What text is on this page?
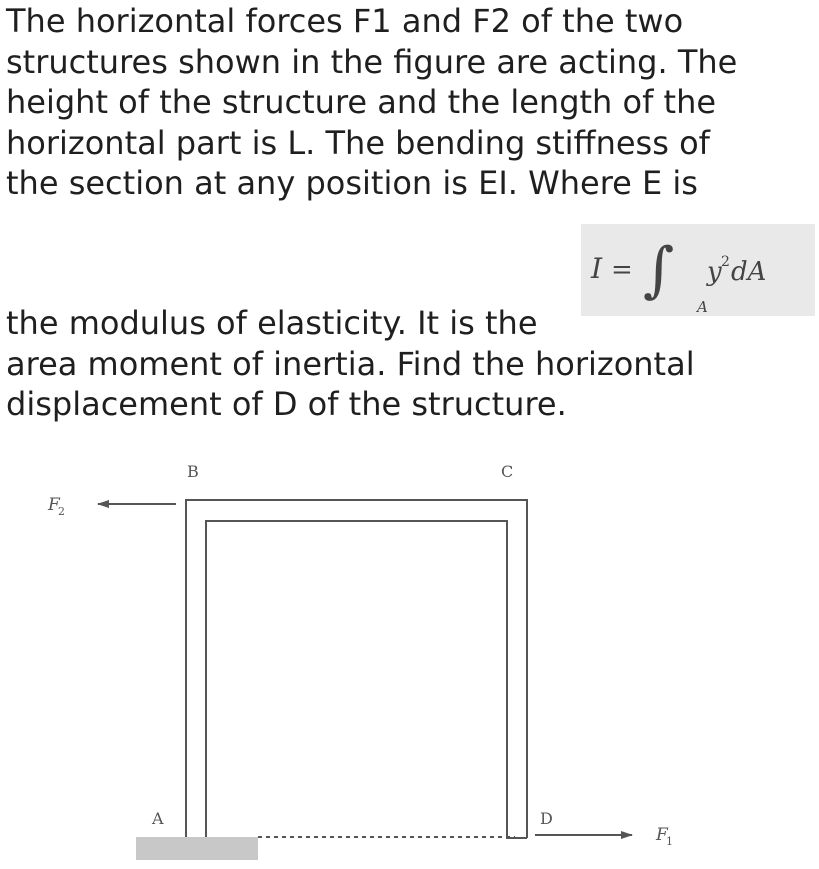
The horizontal forces F1 and F2 of the two
structures shown in the figure are acting. The
height of the structure and the length of the
horizontal part is L. The bending stiffness of
the section at any position is EI. Where E is
I = ∫ y 2 dA
A
the modulus of elasticity. It is the
area moment of inertia. Find the horizontal
displacement of D of the structure.
F
2
F
1
B	C
A	D
